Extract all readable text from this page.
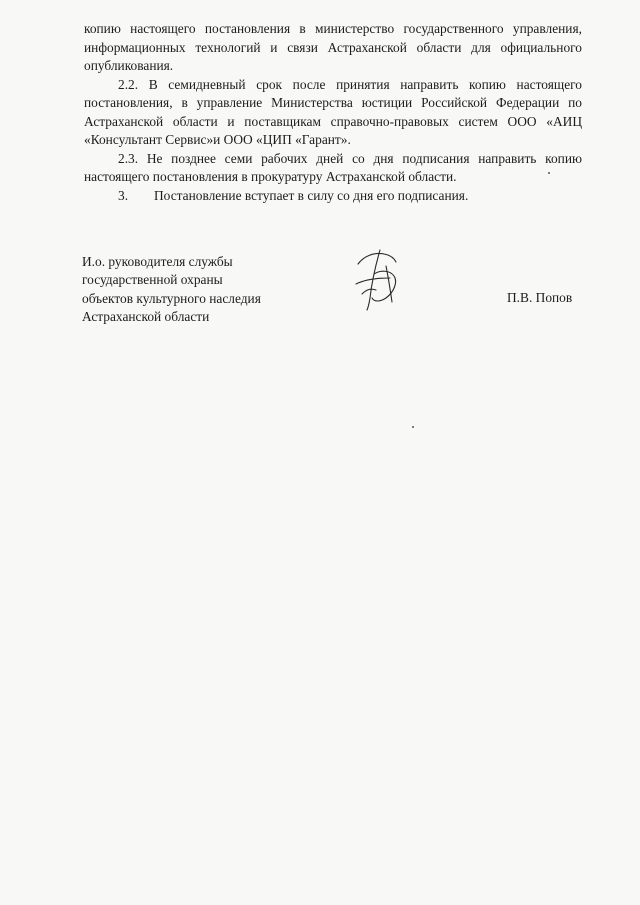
копию настоящего постановления в министерство государственного управления, информационных технологий и связи Астраханской области для официального опубликования.

2.2. В семидневный срок после принятия направить копию настоящего постановления, в управление Министерства юстиции Российской Федерации по Астраханской области и поставщикам справочно-правовых систем ООО «АИЦ «Консультант Сервис»и ООО «ЦИП «Гарант».

2.3. Не позднее семи рабочих дней со дня подписания направить копию настоящего постановления в прокуратуру Астраханской области.

3. Постановление вступает в силу со дня его подписания.

И.о. руководителя службы
государственной охраны
объектов культурного наследия
Астраханской области
П.В. Попов
